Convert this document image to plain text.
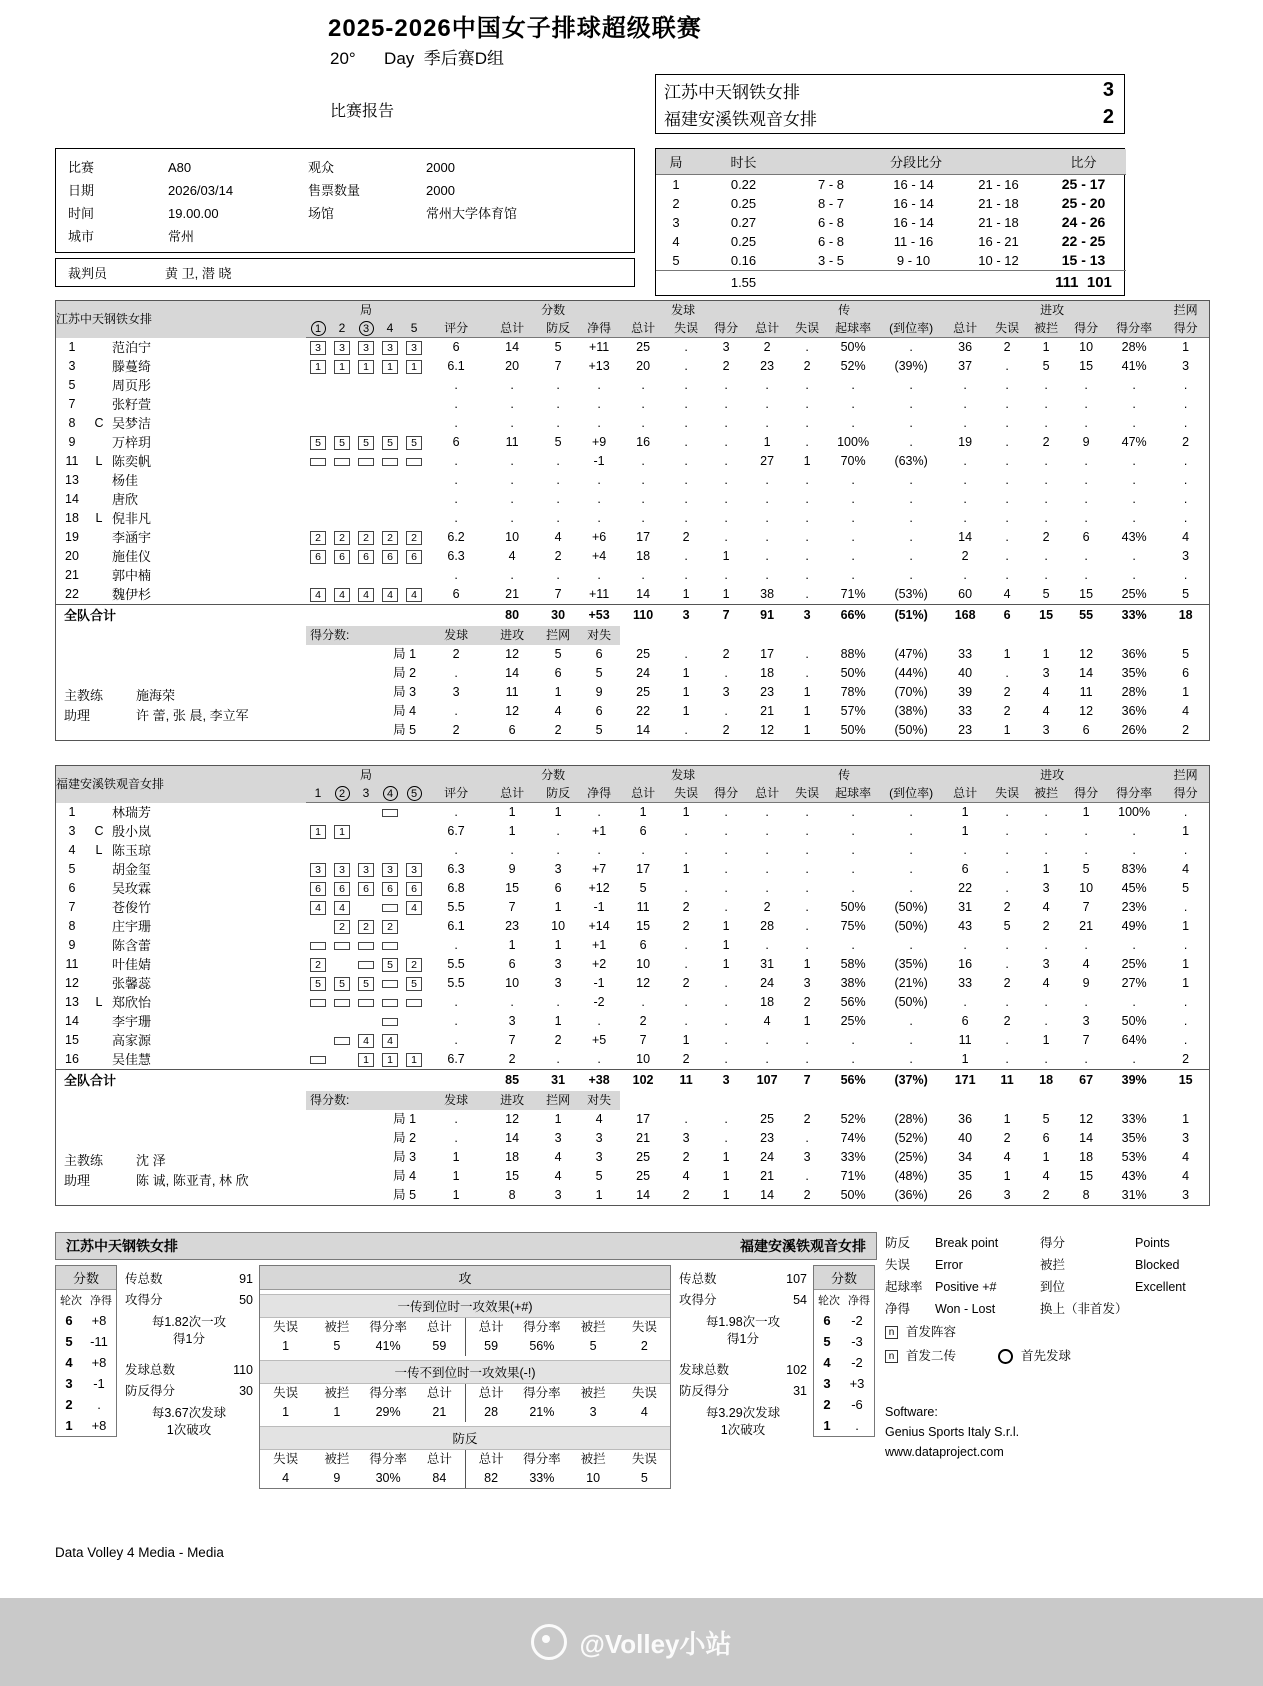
2025-2026中国女子排球超级联赛
20°      Day  季后赛D组
比赛报告
江苏中天钢铁女排	3
福建安溪铁观音女排	2
比赛	A80	观众	2000
日期	2026/03/14	售票数量	2000
时间	19.00.00	场馆	常州大学体育馆
城市	常州
裁判员	黄 卫, 潜 晓
局	时长	分段比分			比分
1	0.22	7 - 8	16 - 14	21 - 16	25 - 17
2	0.25	8 - 7	16 - 14	21 - 18	25 - 20
3	0.27	6 - 8	16 - 14	21 - 18	24 - 26
4	0.25	6 - 8	11 - 16	16 - 21	22 - 25
5	0.16	3 - 5	9 - 10	10 - 12	15 - 13
	1.55				111  101
江苏中天钢铁女排			局						分数			发球			传				进攻					拦网
			1	2	3	4	5	评分	总计	防反	净得	总计	失误	得分	总计	失误	起球率	(到位率)	总计	失误	被拦	得分	得分率	得分
1		范泊宁	3	3	3	3	3	6	14	5	+11	25	.	3	2	.	50%	.	36	2	1	10	28%	1
3		滕蔓绮	1	1	1	1	1	6.1	20	7	+13	20	.	2	23	2	52%	(39%)	37	.	5	15	41%	3
5		周页彤						.	.	.	.	.	.	.	.	.	.	.	.	.	.	.	.	.
7		张籽萱						.	.	.	.	.	.	.	.	.	.	.	.	.	.	.	.	.
8	C	吴梦洁						.	.	.	.	.	.	.	.	.	.	.	.	.	.	.	.	.
9		万梓玥	5	5	5	5	5	6	11	5	+9	16	.	.	1	.	100%	.	19	.	2	9	47%	2
11	L	陈奕帆						.	.	.	-1	.	.	.	27	1	70%	(63%)	.	.	.	.	.	.
13		杨佳						.	.	.	.	.	.	.	.	.	.	.	.	.	.	.	.	.
14		唐欣						.	.	.	.	.	.	.	.	.	.	.	.	.	.	.	.	.
18	L	倪非凡						.	.	.	.	.	.	.	.	.	.	.	.	.	.	.	.	.
19		李涵宇	2	2	2	2	2	6.2	10	4	+6	17	2	.	.	.	.	.	14	.	2	6	43%	4
20		施佳仪	6	6	6	6	6	6.3	4	2	+4	18	.	1	.	.	.	.	2	.	.	.	.	3
21		郭中楠						.	.	.	.	.	.	.	.	.	.	.	.	.	.	.	.	.
22		魏伊杉	4	4	4	4	4	6	21	7	+11	14	1	1	38	.	71%	(53%)	60	4	5	15	25%	5
全队合计									80	30	+53	110	3	7	91	3	66%	(51%)	168	6	15	55	33%	18
			得分数:					发球	进攻	拦网	对失													

主教练 施海荣
助理 许 蕾, 张 晨, 李立军			局 1					2	12	5	6	25	.	2	17	.	88%	(47%)	33	1	1	12	36%	5
			局 2					.	14	6	5	24	1	.	18	.	50%	(44%)	40	.	3	14	35%	6
			局 3					3	11	1	9	25	1	3	23	1	78%	(70%)	39	2	4	11	28%	1
			局 4					.	12	4	6	22	1	.	21	1	57%	(38%)	33	2	4	12	36%	4
			局 5					2	6	2	5	14	.	2	12	1	50%	(50%)	23	1	3	6	26%	2
福建安溪铁观音女排			局						分数			发球			传				进攻					拦网
			1	2	3	4	5	评分	总计	防反	净得	总计	失误	得分	总计	失误	起球率	(到位率)	总计	失误	被拦	得分	得分率	得分
1		林瑞芳						.	1	1	.	1	1	.	.	.	.	.	1	.	.	1	100%	.
3	C	殷小岚	1	1				6.7	1	.	+1	6	.	.	.	.	.	.	1	.	.	.	.	1
4	L	陈玉琼						.	.	.	.	.	.	.	.	.	.	.	.	.	.	.	.	.
5		胡金玺	3	3	3	3	3	6.3	9	3	+7	17	1	.	.	.	.	.	6	.	1	5	83%	4
6		吴玫霖	6	6	6	6	6	6.8	15	6	+12	5	.	.	.	.	.	.	22	.	3	10	45%	5
7		苍俊竹	4	4			4	5.5	7	1	-1	11	2	.	2	.	50%	(50%)	31	2	4	7	23%	.
8		庄宇珊		2	2	2		6.1	23	10	+14	15	2	1	28	.	75%	(50%)	43	5	2	21	49%	1
9		陈含蕾						.	1	1	+1	6	.	1	.	.	.	.	.	.	.	.	.	.
11		叶佳婧	2			5	2	5.5	6	3	+2	10	.	1	31	1	58%	(35%)	16	.	3	4	25%	1
12		张馨蕊	5	5	5		5	5.5	10	3	-1	12	2	.	24	3	38%	(21%)	33	2	4	9	27%	1
13	L	郑欣怡						.	.	.	-2	.	.	.	18	2	56%	(50%)	.	.	.	.	.	.
14		李宇珊						.	3	1	.	2	.	.	4	1	25%	.	6	2	.	3	50%	.
15		高家源			4	4		.	7	2	+5	7	1	.	.	.	.	.	11	.	1	7	64%	.
16		吴佳慧			1	1	1	6.7	2	.	.	10	2	.	.	.	.	.	1	.	.	.	.	2
全队合计									85	31	+38	102	11	3	107	7	56%	(37%)	171	11	18	67	39%	15
			得分数:					发球	进攻	拦网	对失													

主教练 沈 泽
助理 陈 诚, 陈亚青, 林 欣			局 1					.	12	1	4	17	.	.	25	2	52%	(28%)	36	1	5	12	33%	1
			局 2					.	14	3	3	21	3	.	23	.	74%	(52%)	40	2	6	14	35%	3
			局 3					1	18	4	3	25	2	1	24	3	33%	(25%)	34	4	1	18	53%	4
			局 4					1	15	4	5	25	4	1	21	.	71%	(48%)	35	1	4	15	43%	4
			局 5					1	8	3	1	14	2	1	14	2	50%	(36%)	26	3	2	8	31%	3
江苏中天钢铁女排	福建安溪铁观音女排
分数
轮次 净得
6	+8
5	-11
4	+8
3	-1
2	.
1	+8
传总数	91
攻得分	50
每1.82次一攻
得1分
发球总数	110
防反得分	30
每3.67次发球
1次破攻
攻
一传到位时一攻效果(+#)
失误	被拦	得分率	总计	总计	得分率	被拦	失误
1	5	41%	59	59	56%	5	2
一传不到位时一攻效果(-!)
失误	被拦	得分率	总计	总计	得分率	被拦	失误
1	1	29%	21	28	21%	3	4
防反
失误	被拦	得分率	总计	总计	得分率	被拦	失误
4	9	30%	84	82	33%	10	5
传总数	107
攻得分	54
每1.98次一攻
得1分
发球总数	102
防反得分	31
每3.29次发球
1次破攻
分数
轮次 净得
6	-2
5	-3
4	-2
3	+3
2	-6
1	.
防反	Break point	得分	Points
失误	Error	被拦	Blocked
起球率 Positive +#	到位	Excellent
净得	Won - Lost	换上（非首发）
n 首发阵容
n 首发二传	首先发球
Software:
Genius Sports Italy S.r.l.
www.dataproject.com
Data Volley 4 Media - Media
@Volley小站
